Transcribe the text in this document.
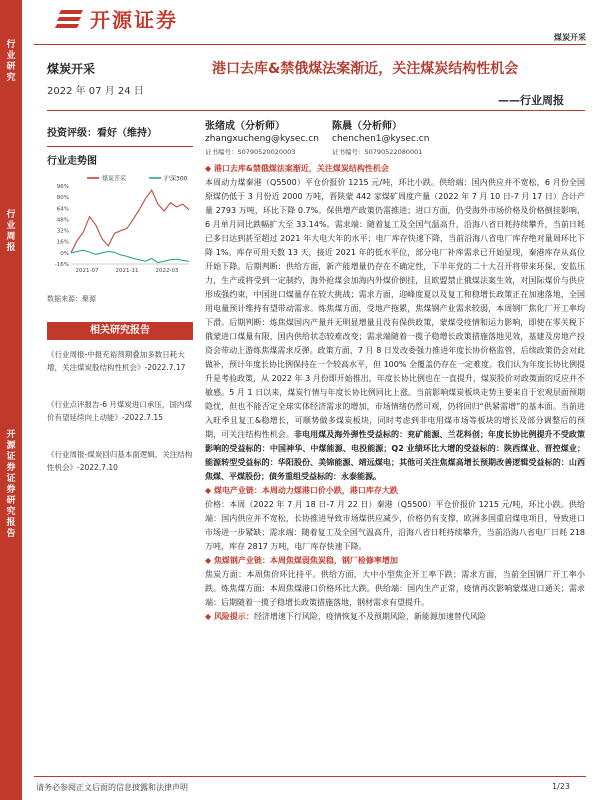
行业研究
行业周报
开源证券证券研究报告
开源证券
煤炭开采
煤炭开采
2022 年 07 月 24 日
港口去库&禁俄煤法案渐近，关注煤炭结构性机会
——行业周报
投资评级：看好（维持）
张绪成（分析师）
zhangxucheng@kysec.cn
证书编号：S0790520020003
陈晨（分析师）
chenchen1@kysec.cn
证书编号：S0790522080001
行业走势图
煤炭开采	沪深300
96%
80%
64%
48%
32%
16%
0%
-16%
2021-07	2021-11	2022-03
数据来源：聚源
相关研究报告
《行业周报-中报充裕预期叠加多数日耗大增，关注煤炭股结构性机会》-2022.7.17
《行业点评报告-6 月煤炭进口承压，国内煤价有望延续向上动能》-2022.7.15
《行业周报-煤炭回归基本面逻辑，关注结构性机会》-2022.7.10
◆ 港口去库&禁俄煤法案渐近，关注煤炭结构性机会
本周动力煤秦港（Q5500）平仓价报价 1215 元/吨，环比小跌。供给端：国内供应并不宽松，6 月份全国原煤仍低于 3 月份近 2000 万吨，晋陕蒙 442 家煤矿周度产量（2022 年 7 月 10 日-7 月 17 日）合计产量 2793 万吨，环比下降 0.7%。保供增产政策仍需推进；进口方面，仍受海外市场价格及价格倒挂影响，6 月单月同比跌幅扩大至 33.14%。需求端：随着复工及全国气温高升，沿海八省日耗持续攀升，当前日耗已多日达到甚至超过 2021 年大电大年的水平；电厂库存快速下降，当前沿海八省电厂库存绝对量周环比下降 1%。库存可用天数 13 天，接近 2021 年的低水平位，部分电厂补库需求已开始显现，秦港库存从高位开始下降。后期判断：供给方面，新产能增量仍存在不确定性，下半年党的二十大召开将带来环保、安监压力，生产或将受到一定制约，海外抢煤会加海内外煤价倒挂，且欧盟禁止俄煤法案生效，对国际煤价与供应形成强约束，中国进口煤量存在较大挑战；需求方面，迎峰度夏以及复工和稳增长政策正在加速落地，全国用电量预计维持有望带动需求。炼焦煤方面，受地产拖累，焦煤钢产业需求较弱，本周钢厂焦化厂开工率均下滑。后期判断：炼焦煤国内产量并无明显增量且没有保供政策，蒙煤受疫情和运力影响，即使在零关税下俄蒙进口煤量有限，国内供给状态较难改变；需求端随着一揽子稳增长政策措施落地见效，基建及房地产投资会带动上游炼焦煤需求反弹。政策方面，7 月 8 日发改委强力推进年度长协价格监管，后续政策仍会对此做补，预计年度长协比例保持在一个较高水平，但 100% 全覆盖仍存在一定难度。我们认为年度长协比例提升是考验政策，从 2022 年 3 月份即开始推出，年度长协比例也在一直提升，煤炭股价对政策面的反应并不敏感。5 月 1 日以来，煤炭行情与年度长协比例同比上涨。当前影响煤炭板块走势主要来自于宏观层面预期隐忧，但也不能否定全球实体经济需求的增加，市场情绪仍然可观，仍将回归“供紧需增”的基本面。当前进入旺季且复工&稳增长，可顺势做多煤炭板块，同时考虑到非电用煤市场等板块的增长及部分调整后的预期，可关注结构性机会。非电用煤及海外弹性受益标的：兖矿能源、兰花科创；年度长协比例提升不受政策影响的受益标的：中国神华、中煤能源、电投能源；Q2 业绩环比大增的受益标的：陕西煤业、晋控煤业；能源转型受益标的：华阳股份、美锦能源、靖远煤电；其他可关注焦煤高增长预期改善逻辑受益标的：山西焦煤、平煤股份；债务重组受益标的：永泰能源。
◆ 煤电产业链：本周动力煤港口价小跌，港口库存大跌
价格：本周（2022 年 7 月 18 日-7 月 22 日）秦港（Q5500）平仓价报价 1215 元/吨，环比小跌。供给端：国内供应并不宽松，长协推进导致市场煤供应减少，价格仍有支撑，欧洲多国重启煤电项目，导致进口市场进一步紧缺；需求端：随着复工及全国气温高升，沿海八省日耗持续攀升，当前沿海八省电厂日耗 218 万吨，库存 2817 万吨，电厂库存快速下降。
◆ 焦煤钢产业链：本周焦煤弱焦炭稳，钢厂检修率增加
焦炭方面：本周焦价环比持平。供给方面，大中小型焦企开工率下跌；需求方面，当前全国钢厂开工率小跌。炼焦煤方面：本周焦煤港口价格环比大跌。供给端：国内生产正常，疫情再次影响蒙煤进口通关；需求端：后期随着一揽子稳增长政策措施落地，钢材需求有望提升。
◆ 风险提示：经济增速下行风险，疫情恢复不及预期风险，新能源加速替代风险
请务必参阅正文后面的信息披露和法律声明	1/23
